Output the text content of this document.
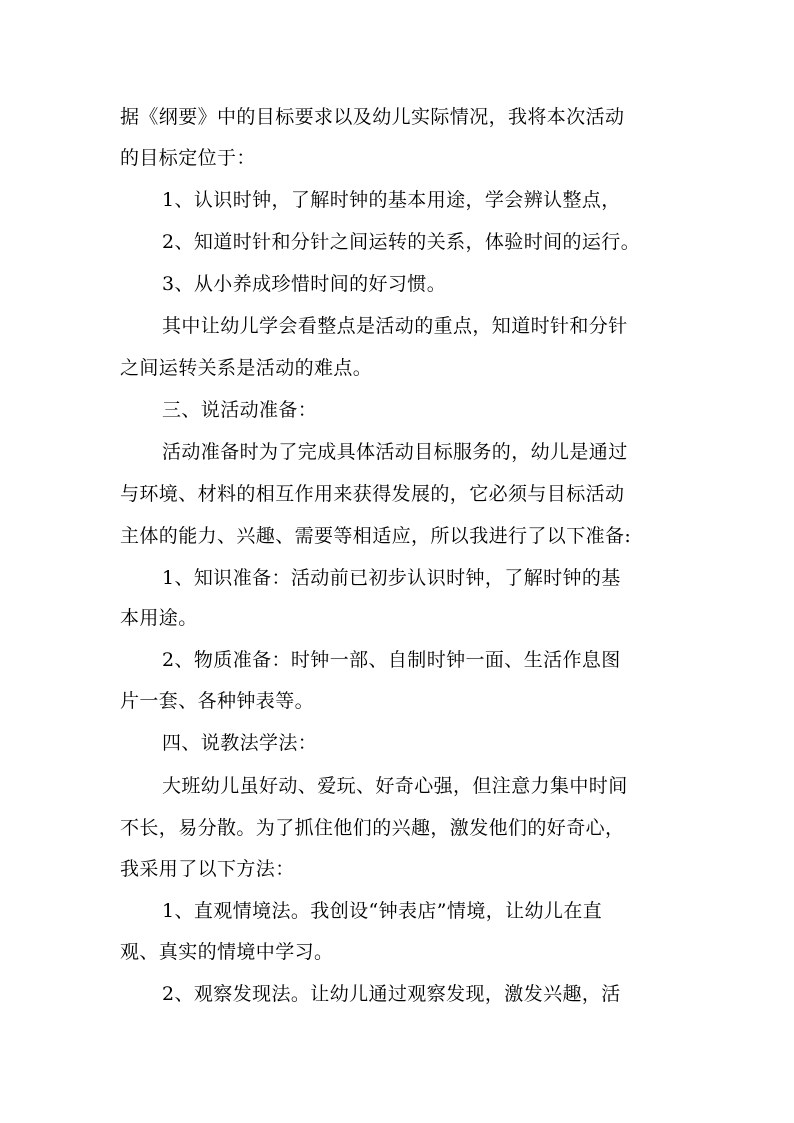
据《纲要》中的目标要求以及幼儿实际情况，我将本次活动
的目标定位于：
1、认识时钟，了解时钟的基本用途，学会辨认整点，
2、知道时针和分针之间运转的关系，体验时间的运行。
3、从小养成珍惜时间的好习惯。
其中让幼儿学会看整点是活动的重点，知道时针和分针
之间运转关系是活动的难点。
三、说活动准备：
活动准备时为了完成具体活动目标服务的，幼儿是通过
与环境、材料的相互作用来获得发展的，它必须与目标活动
主体的能力、兴趣、需要等相适应，所以我进行了以下准备:
1、知识准备：活动前已初步认识时钟，了解时钟的基
本用途。
2、物质准备：时钟一部、自制时钟一面、生活作息图
片一套、各种钟表等。
四、说教法学法：
大班幼儿虽好动、爱玩、好奇心强，但注意力集中时间
不长，易分散。为了抓住他们的兴趣，激发他们的好奇心，
我采用了以下方法：
1、直观情境法。我创设“钟表店”情境，让幼儿在直
观、真实的情境中学习。
2、观察发现法。让幼儿通过观察发现，激发兴趣，活
